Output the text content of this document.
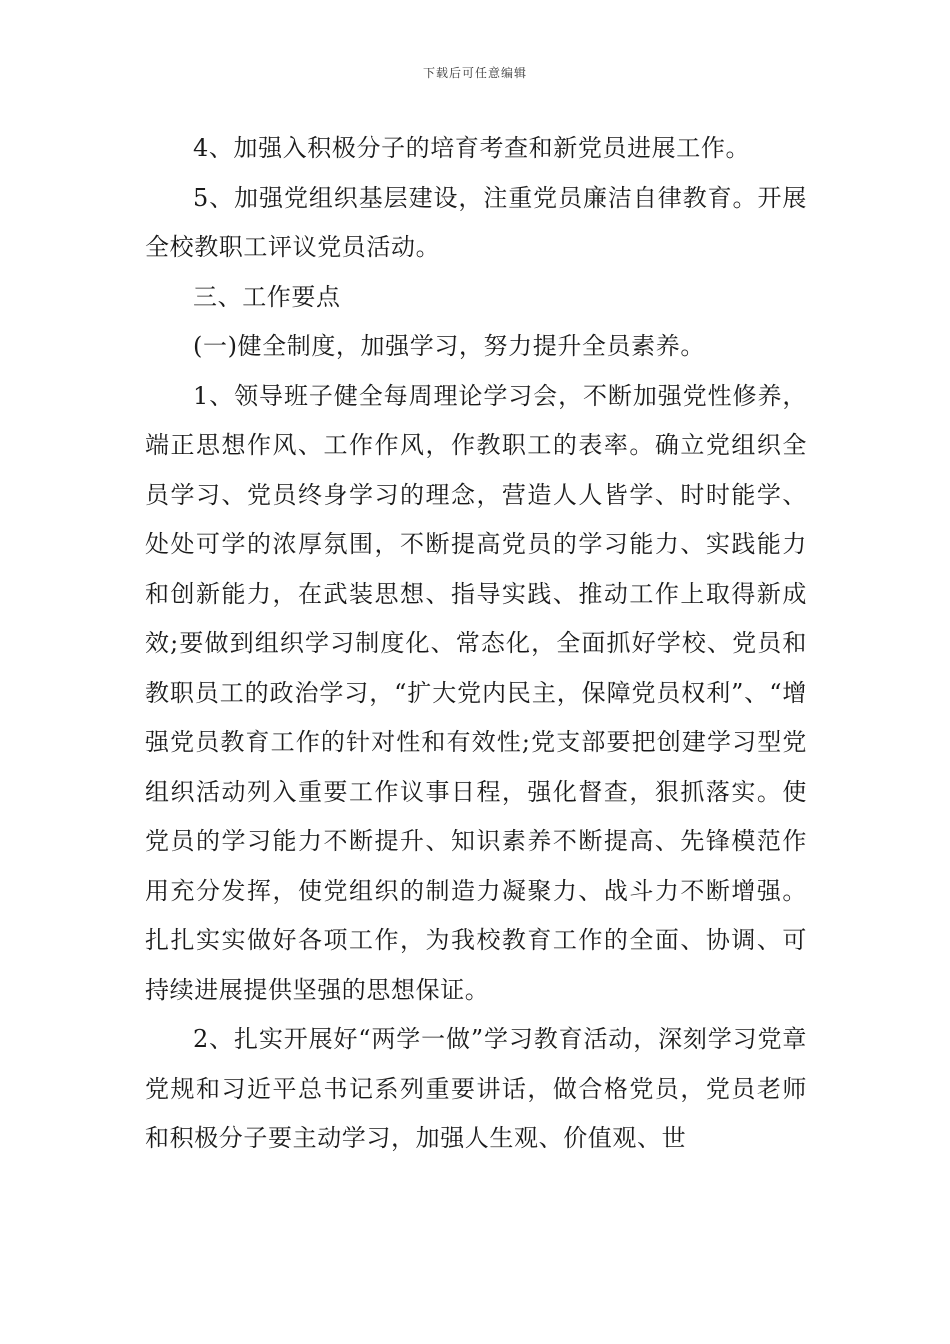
下载后可任意编辑

4、加强入积极分子的培育考查和新党员进展工作。

5、加强党组织基层建设，注重党员廉洁自律教育。开展全校教职工评议党员活动。

三、工作要点

(一)健全制度，加强学习，努力提升全员素养。

1、领导班子健全每周理论学习会，不断加强党性修养，端正思想作风、工作作风，作教职工的表率。确立党组织全员学习、党员终身学习的理念，营造人人皆学、时时能学、处处可学的浓厚氛围，不断提高党员的学习能力、实践能力和创新能力，在武装思想、指导实践、推动工作上取得新成效;要做到组织学习制度化、常态化，全面抓好学校、党员和教职员工的政治学习，“扩大党内民主，保障党员权利”、“增强党员教育工作的针对性和有效性;党支部要把创建学习型党组织活动列入重要工作议事日程，强化督查，狠抓落实。使党员的学习能力不断提升、知识素养不断提高、先锋模范作用充分发挥，使党组织的制造力凝聚力、战斗力不断增强。扎扎实实做好各项工作，为我校教育工作的全面、协调、可持续进展提供坚强的思想保证。

2、扎实开展好“两学一做”学习教育活动，深刻学习党章党规和习近平总书记系列重要讲话，做合格党员，党员老师和积极分子要主动学习，加强人生观、价值观、世
